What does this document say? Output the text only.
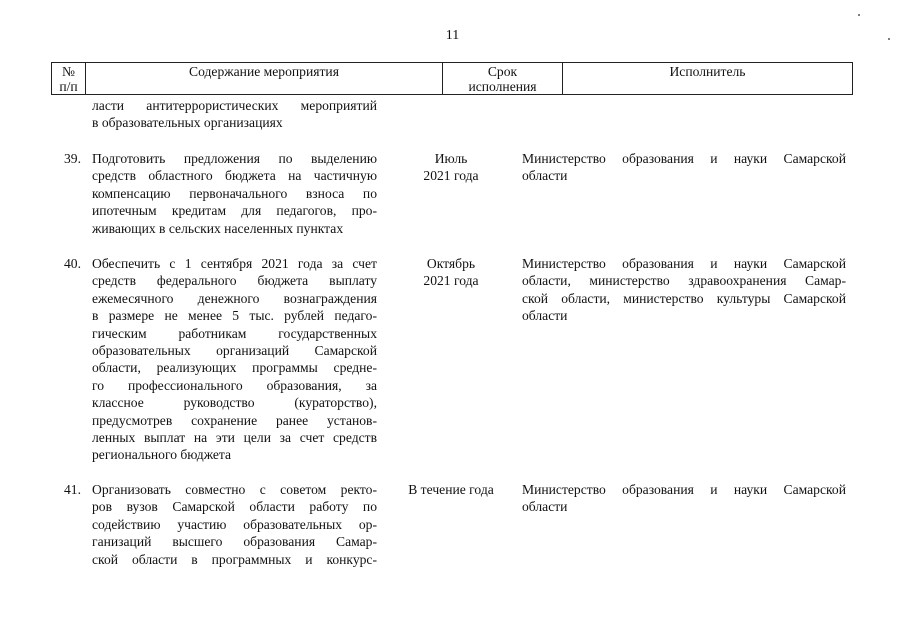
11
№
п/п
Содержание мероприятия	Срок
исполнения
Исполнитель
ласти антитеррористических мероприятий
в образовательных организациях
39. Подготовить предложения по выделению
средств областного бюджета на частичную
компенсацию первоначального взноса по
ипотечным кредитам для педагогов, про-
живающих в сельских населенных пунктах
Июль
2021 года
Министерство образования и науки Самарской
области
40. Обеспечить с 1 сентября 2021 года за счет
средств федерального бюджета выплату
ежемесячного денежного вознаграждения
в размере не менее 5 тыс. рублей педаго-
гическим работникам государственных
образовательных организаций Самарской
области, реализующих программы средне-
го профессионального образования, за
классное руководство (кураторство),
предусмотрев сохранение ранее установ-
ленных выплат на эти цели за счет средств
регионального бюджета
Октябрь
2021 года
Министерство образования и науки Самарской
области, министерство здравоохранения Самар-
ской области, министерство культуры Самарской
области
41. Организовать совместно с советом ректо-
ров вузов Самарской области работу по
содействию участию образовательных ор-
ганизаций высшего образования Самар-
ской области в программных и конкурс-
В течение года	Министерство образования и науки Самарской
области
